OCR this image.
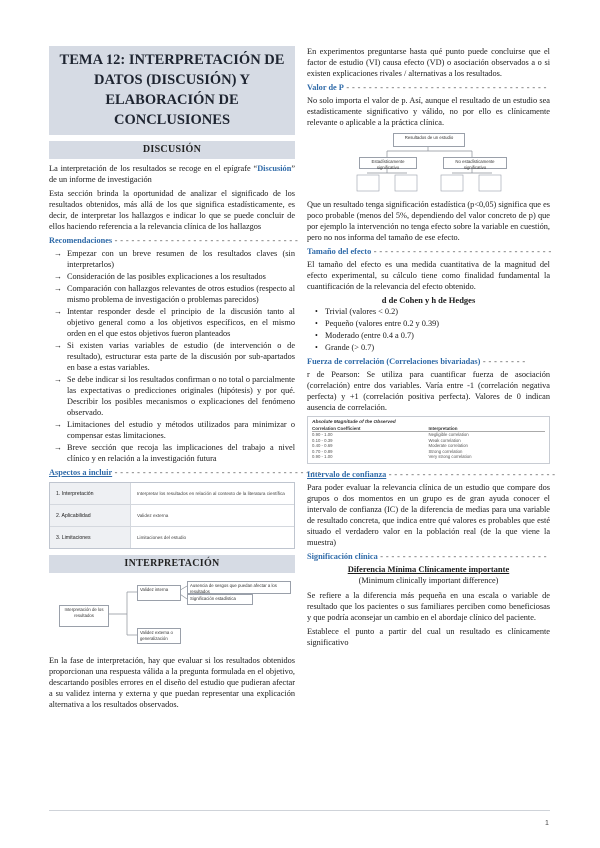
TEMA 12: INTERPRETACIÓN DE DATOS (DISCUSIÓN) Y ELABORACIÓN DE CONCLUSIONES
DISCUSIÓN

La interpretación de los resultados se recoge en el epígrafe “Discusión” de un informe de investigación

Esta sección brinda la oportunidad de analizar el significado de los resultados obtenidos, más allá de los que significa estadísticamente, es decir, de interpretar los hallazgos e indicar lo que se puede concluir de ellos haciendo referencia a la relevancia clínica de los hallazgos

Recomendaciones - - - - - - - - - - - - - - - - - - - - - - - - - - - - - - - - -
→ Empezar con un breve resumen de los resultados claves (sin interpretarlos)
→ Consideración de las posibles explicaciones a los resultados
→ Comparación con hallazgos relevantes de otros estudios (respecto al mismo problema de investigación o problemas parecidos)
→ Intentar responder desde el principio de la discusión tanto al objetivo general como a los objetivos específicos, en el mismo orden en el que estos objetivos fueron planteados
→ Si existen varias variables de estudio (de intervención o de resultado), estructurar esta parte de la discusión por sub-apartados en base a estas variables.
→ Se debe indicar si los resultados confirman o no total o parcialmente las expectativas o predicciones originales (hipótesis) y por qué. Describir los posibles mecanismos o explicaciones del fenómeno observado.
→ Limitaciones del estudio y métodos utilizados para minimizar o compensar estas limitaciones.
→ Breve sección que recoja las implicaciones del trabajo a nivel clínico y en relación a la investigación futura
Aspectos a incluir - - - - - - - - - - - - - - - - - - - - - - - - - - - - - - - - - - - - -
1. Interpretación	Interpretar los resultados en relación al contexto de la literatura científica
2. Aplicabilidad	Validez externa
3. Limitaciones	Limitaciones del estudio
INTERPRETACIÓN
Interpretación de los resultados
Validez interna
Validez externa o generalización
Ausencia de sesgos que puedan afectar a los resultados
Significación estadística

En la fase de interpretación, hay que evaluar si los resultados obtenidos proporcionan una respuesta válida a la pregunta formulada en el objetivo, descartando posibles errores en el diseño del estudio que pudieran afectar a su validez interna y externa y que puedan representar una explicación alternativa a los resultados observados.

En experimentos preguntarse hasta qué punto puede concluirse que el factor de estudio (VI) causa efecto (VD) o asociación observados a o si existen explicaciones rivales / alternativas a los resultados.

Valor de P - - - - - - - - - - - - - - - - - - - - - - - - - - - - - - - - - - - -

No solo importa el valor de p. Así, aunque el resultado de un estudio sea estadísticamente significativo y válido, no por ello es clínicamente relevante o aplicable a la práctica clínica.

Resultados de un estudio
Estadísticamente significativo
No estadísticamente significativo

Que un resultado tenga significación estadística (p<0,05) significa que es poco probable (menos del 5%, dependiendo del valor concreto de p) que por ejemplo la intervención no tenga efecto sobre la variable en cuestión, pero no nos informa del tamaño de ese efecto.

Tamaño del efecto - - - - - - - - - - - - - - - - - - - - - - - - - - - - - - - -

El tamaño del efecto es una medida cuantitativa de la magnitud del efecto experimental, su cálculo tiene como finalidad fundamental la cuantificación de la relevancia del efecto obtenido.

d de Cohen y h de Hedges
• Trivial (valores < 0.2)
• Pequeño (valores entre 0.2 y 0.39)
• Moderado (entre 0.4 a 0.7)
• Grande (> 0.7)
Fuerza de correlación (Correlaciones bivariadas) - - - - - - - -

r de Pearson: Se utiliza para cuantificar fuerza de asociación (correlación) entre dos variables. Varía entre -1 (correlación negativa perfecta) y +1 (correlación positiva perfecta). Valores de 0 indican ausencia de correlación.

Absolute Magnitude of the Observed
Correlation Coefficient	Interpretation
0.90 - 1.00	Negligible correlation
0.10 - 0.39	Weak correlation
0.40 - 0.69	Moderate correlation
0.70 - 0.89	Strong correlation
0.90 - 1.00	Very strong correlation
Intervalo de confianza - - - - - - - - - - - - - - - - - - - - - - - - - - - - - -

Para poder evaluar la relevancia clínica de un estudio que compare dos grupos o dos momentos en un grupo es de gran ayuda conocer el intervalo de confianza (IC) de la diferencia de medias para una variable de resultado concreta, que indica entre qué valores es probables que esté situado el verdadero valor en la población real (de la que viene la muestra)

Significación clínica - - - - - - - - - - - - - - - - - - - - - - - - - - - - - -
Diferencia Mínima Clínicamente importante
(Minimum clinically important difference)

Se refiere a la diferencia más pequeña en una escala o variable de resultado que los pacientes o sus familiares perciben como beneficiosas y que podría aconsejar un cambio en el abordaje clínico del paciente.

Establece el punto a partir del cual un resultado es clínicamente significativo

1
